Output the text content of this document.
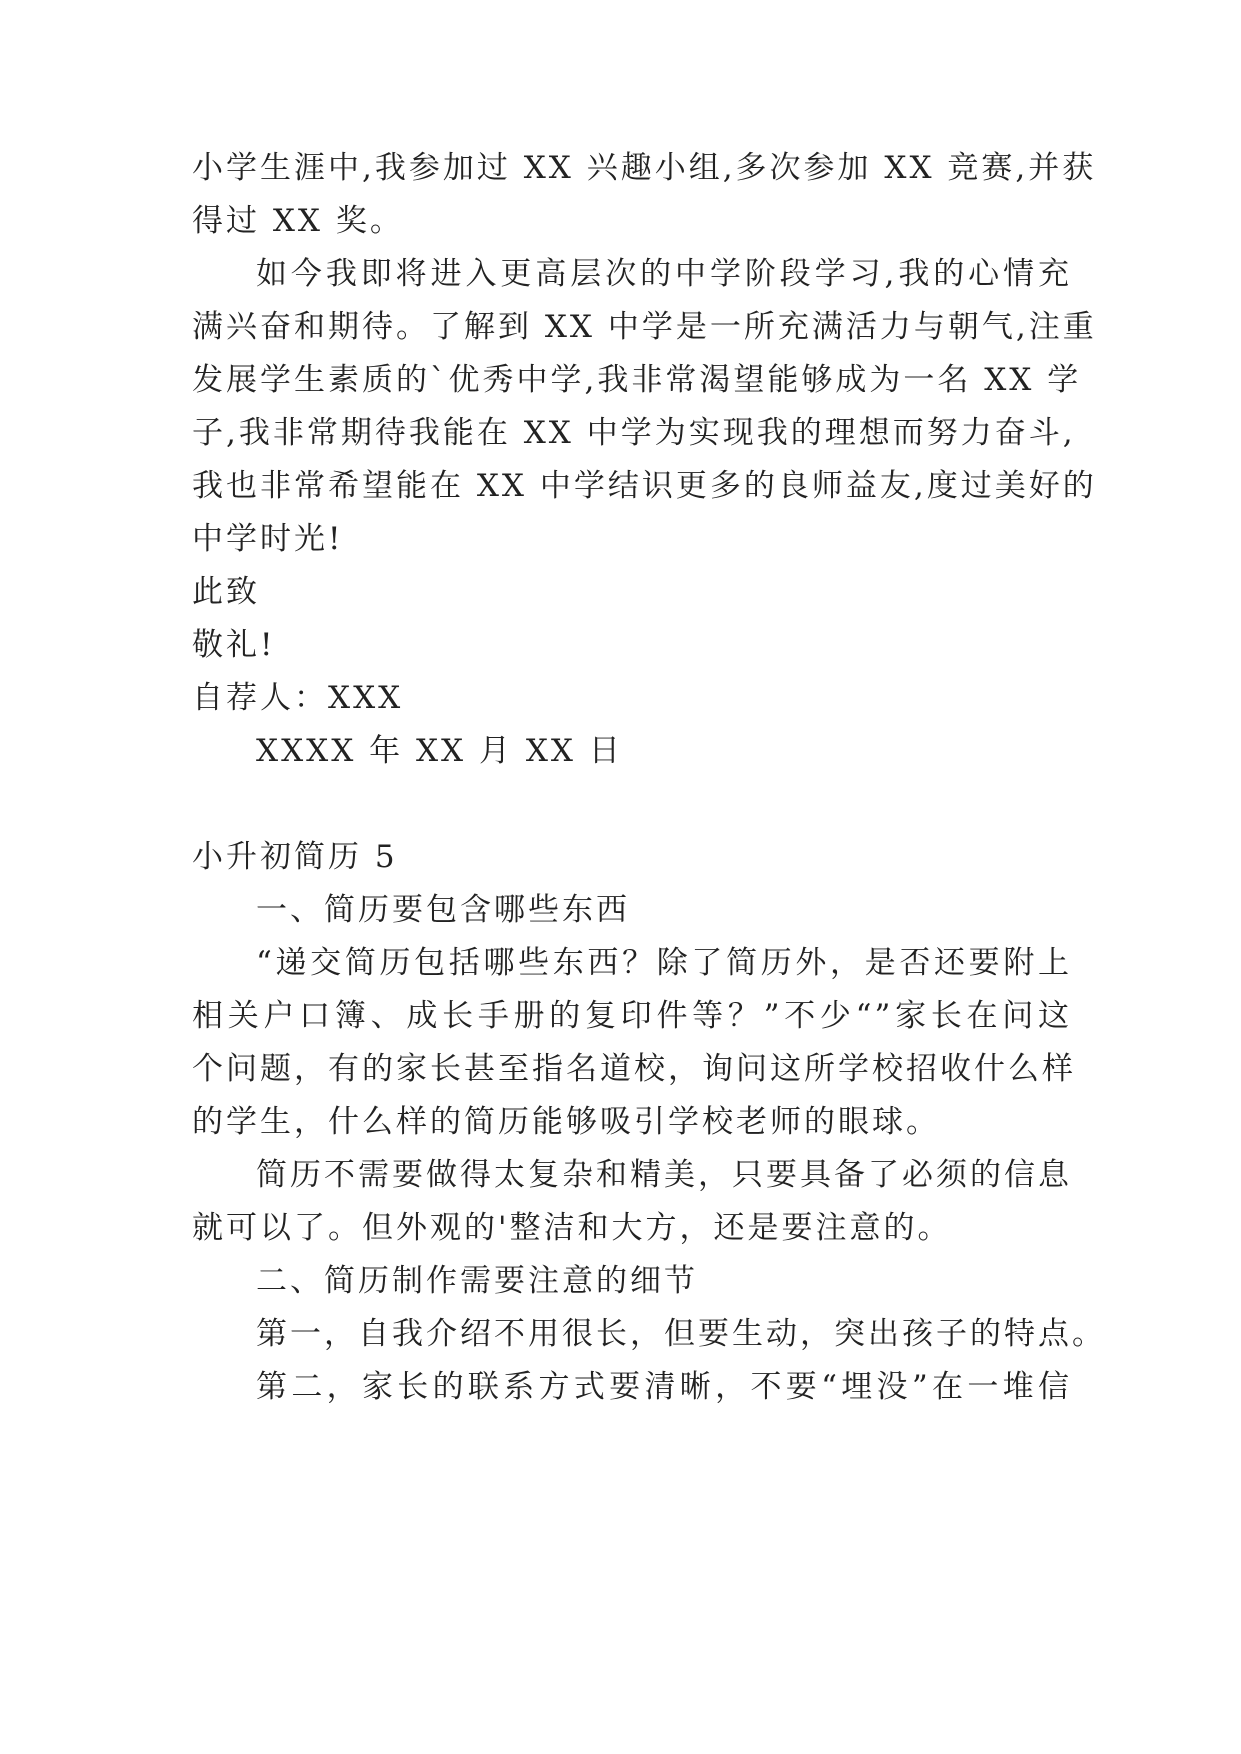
小学生涯中,我参加过 XX 兴趣小组,多次参加 XX 竞赛,并获
得过 XX 奖。
如今我即将进入更高层次的中学阶段学习,我的心情充
满兴奋和期待。了解到 XX 中学是一所充满活力与朝气,注重
发展学生素质的`优秀中学,我非常渴望能够成为一名 XX 学
子,我非常期待我能在 XX 中学为实现我的理想而努力奋斗,
我也非常希望能在 XX 中学结识更多的良师益友,度过美好的
中学时光!
此致
敬礼!
自荐人：XXX
XXXX 年 XX 月 XX 日
小升初简历 5
一、简历要包含哪些东西
“递交简历包括哪些东西？除了简历外，是否还要附上
相关户口簿、成长手册的复印件等？”不少“”家长在问这
个问题，有的家长甚至指名道校，询问这所学校招收什么样
的学生，什么样的简历能够吸引学校老师的眼球。
简历不需要做得太复杂和精美，只要具备了必须的信息
就可以了。但外观的'整洁和大方，还是要注意的。
二、简历制作需要注意的细节
第一，自我介绍不用很长，但要生动，突出孩子的特点。
第二，家长的联系方式要清晰，不要“埋没”在一堆信
